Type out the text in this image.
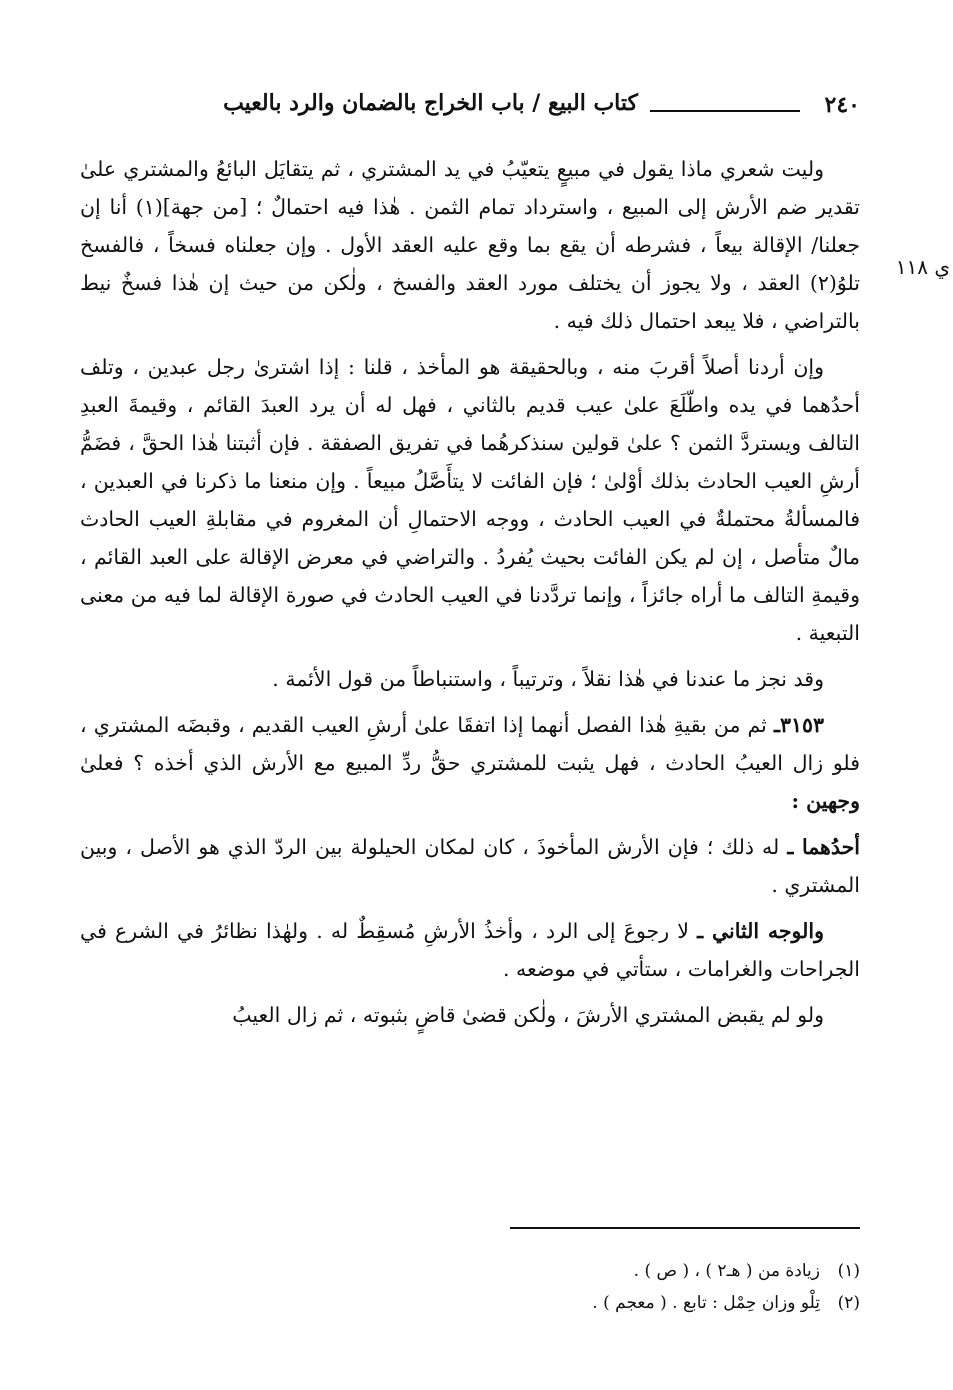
٢٤٠
كتاب البيع / باب الخراج بالضمان والرد بالعيب
ي ١١٨

وليت شعري ماذا يقول في مبيعٍ يتعيّبُ في يد المشتري ، ثم يتقايَل البائعُ والمشتري علىٰ تقدير ضم الأرش إلى المبيع ، واسترداد تمام الثمن . هٰذا فيه احتمالٌ ؛ [من جهة](١) أنا إن جعلنا/ الإقالة بيعاً ، فشرطه أن يقع بما وقع عليه العقد الأول . وإن جعلناه فسخاً ، فالفسخ تلوُ(٢) العقد ، ولا يجوز أن يختلف مورد العقد والفسخ ، ولٰكن من حيث إن هٰذا فسخٌ نيط بالتراضي ، فلا يبعد احتمال ذلك فيه .

وإن أردنا أصلاً أقربَ منه ، وبالحقيقة هو المأخذ ، قلنا : إذا اشترىٰ رجل عبدين ، وتلف أحدُهما في يده واطّلَعَ علىٰ عيب قديم بالثاني ، فهل له أن يرد العبدَ القائم ، وقيمةَ العبدِ التالف ويستردَّ الثمن ؟ علىٰ قولين سنذكرهُما في تفريق الصفقة . فإن أثبتنا هٰذا الحقَّ ، فضَمُّ أرشِ العيب الحادث بذلك أوْلىٰ ؛ فإن الفائت لا يتأَصَّلُ مبيعاً . وإن منعنا ما ذكرنا في العبدين ، فالمسألةُ محتملةٌ في العيب الحادث ، ووجه الاحتمالِ أن المغروم في مقابلةِ العيب الحادث مالٌ متأصل ، إن لم يكن الفائت بحيث يُفردُ . والتراضي في معرض الإقالة على العبد القائم ، وقيمةِ التالف ما أراه جائزاً ، وإنما تردَّدنا في العيب الحادث في صورة الإقالة لما فيه من معنى التبعية .

وقد نجز ما عندنا في هٰذا نقلاً ، وترتيباً ، واستنباطاً من قول الأئمة .

٣١٥٣ـ ثم من بقيةِ هٰذا الفصل أنهما إذا اتفقَا علىٰ أرشِ العيب القديم ، وقبضَه المشتري ، فلو زال العيبُ الحادث ، فهل يثبت للمشتري حقُّ ردِّ المبيع مع الأرش الذي أخذه ؟ فعلىٰ وجهين :

أحدُهما ـ له ذلك ؛ فإن الأرش المأخوذَ ، كان لمكان الحيلولة بين الردّ الذي هو الأصل ، وبين المشتري .

والوجه الثاني ـ لا رجوعَ إلى الرد ، وأخذُ الأرشِ مُسقِطٌ له . ولهٰذا نظائرُ في الشرع في الجراحات والغرامات ، ستأتي في موضعه .

ولو لم يقبض المشتري الأرشَ ، ولٰكن قضىٰ قاضٍ بثبوته ، ثم زال العيبُ

(١)زيادة من ( هـ٢ ) ، ( ص ) .
(٢)تِلْو وزان حِمْل : تابع . ( معجم ) .
